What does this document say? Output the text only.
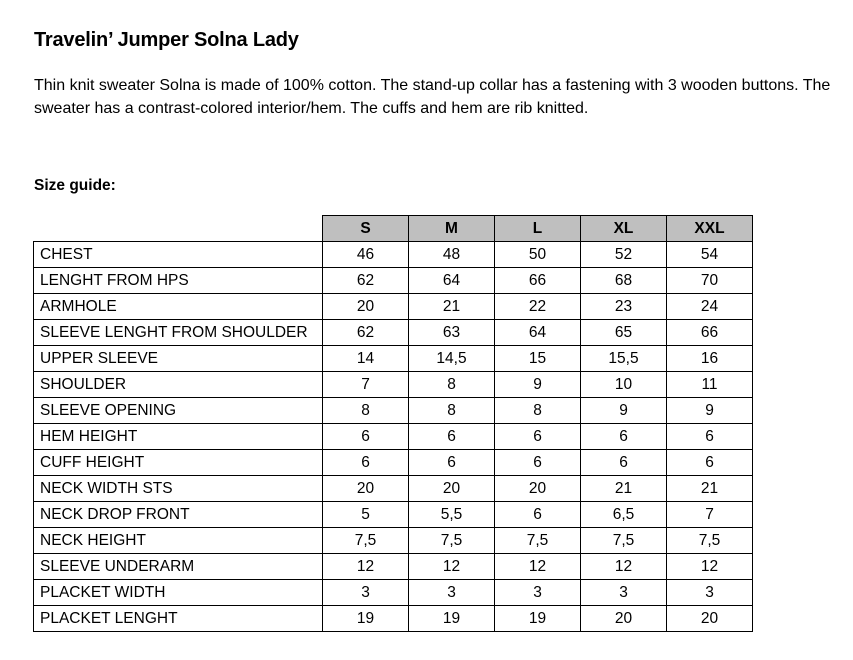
Travelin’ Jumper Solna Lady
Thin knit sweater Solna is made of 100% cotton. The stand-up collar has a fastening with 3 wooden buttons. The sweater has a contrast-colored interior/hem. The cuffs and hem are rib knitted.
Size guide:
	S	M	L	XL	XXL
CHEST	46	48	50	52	54
LENGHT FROM HPS	62	64	66	68	70
ARMHOLE	20	21	22	23	24
SLEEVE LENGHT FROM SHOULDER	62	63	64	65	66
UPPER SLEEVE	14	14,5	15	15,5	16
SHOULDER	7	8	9	10	11
SLEEVE OPENING	8	8	8	9	9
HEM HEIGHT	6	6	6	6	6
CUFF HEIGHT	6	6	6	6	6
NECK WIDTH STS	20	20	20	21	21
NECK DROP FRONT	5	5,5	6	6,5	7
NECK HEIGHT	7,5	7,5	7,5	7,5	7,5
SLEEVE UNDERARM	12	12	12	12	12
PLACKET WIDTH	3	3	3	3	3
PLACKET LENGHT	19	19	19	20	20
